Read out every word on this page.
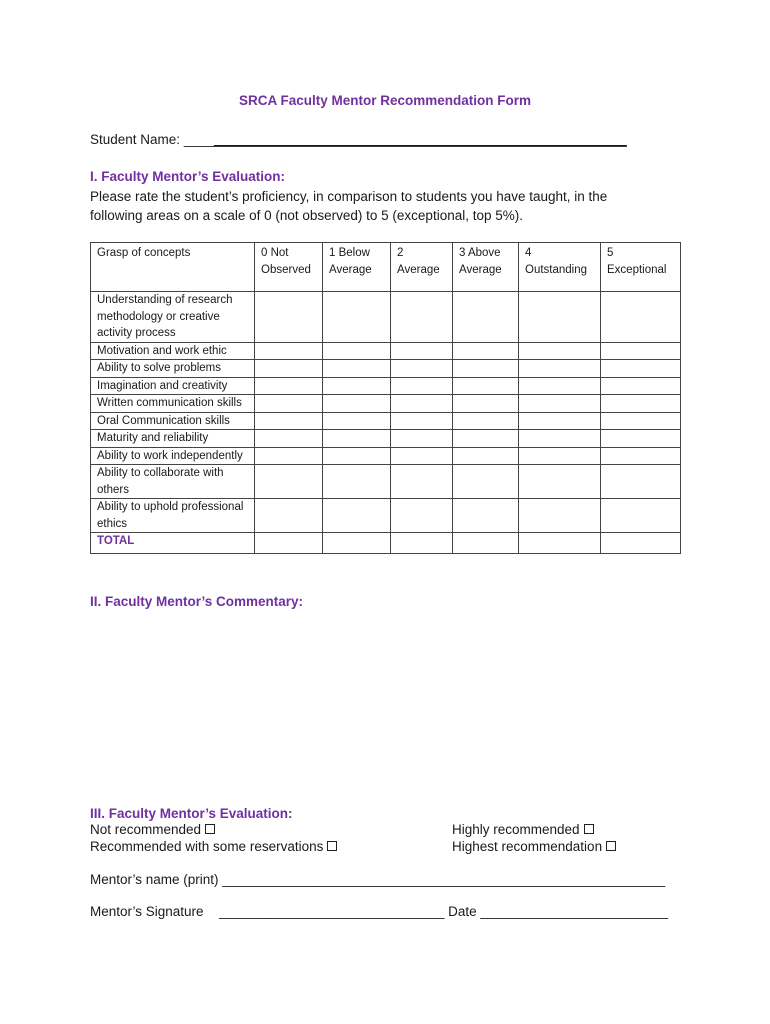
SRCA Faculty Mentor Recommendation Form
Student Name: ___________________________________________________________
I. Faculty Mentor’s Evaluation:
Please rate the student’s proficiency, in comparison to students you have taught, in the following areas on a scale of 0 (not observed) to 5 (exceptional, top 5%).
Grasp of concepts	0 Not Observed	1 Below Average	2 Average	3 Above Average	4 Outstanding	5 Exceptional
Understanding of research methodology or creative activity process						
Motivation and work ethic						
Ability to solve problems						
Imagination and creativity						
Written communication skills						
Oral Communication skills						
Maturity and reliability						
Ability to work independently						
Ability to collaborate with others						
Ability to uphold professional ethics						
TOTAL						
II. Faculty Mentor’s Commentary:
III. Faculty Mentor’s Evaluation:
Not recommended	Highly recommended
Recommended with some reservations	Highest recommendation
Mentor’s name (print) ___________________________________________________________
Mentor’s Signature ______________________________ Date _________________________
